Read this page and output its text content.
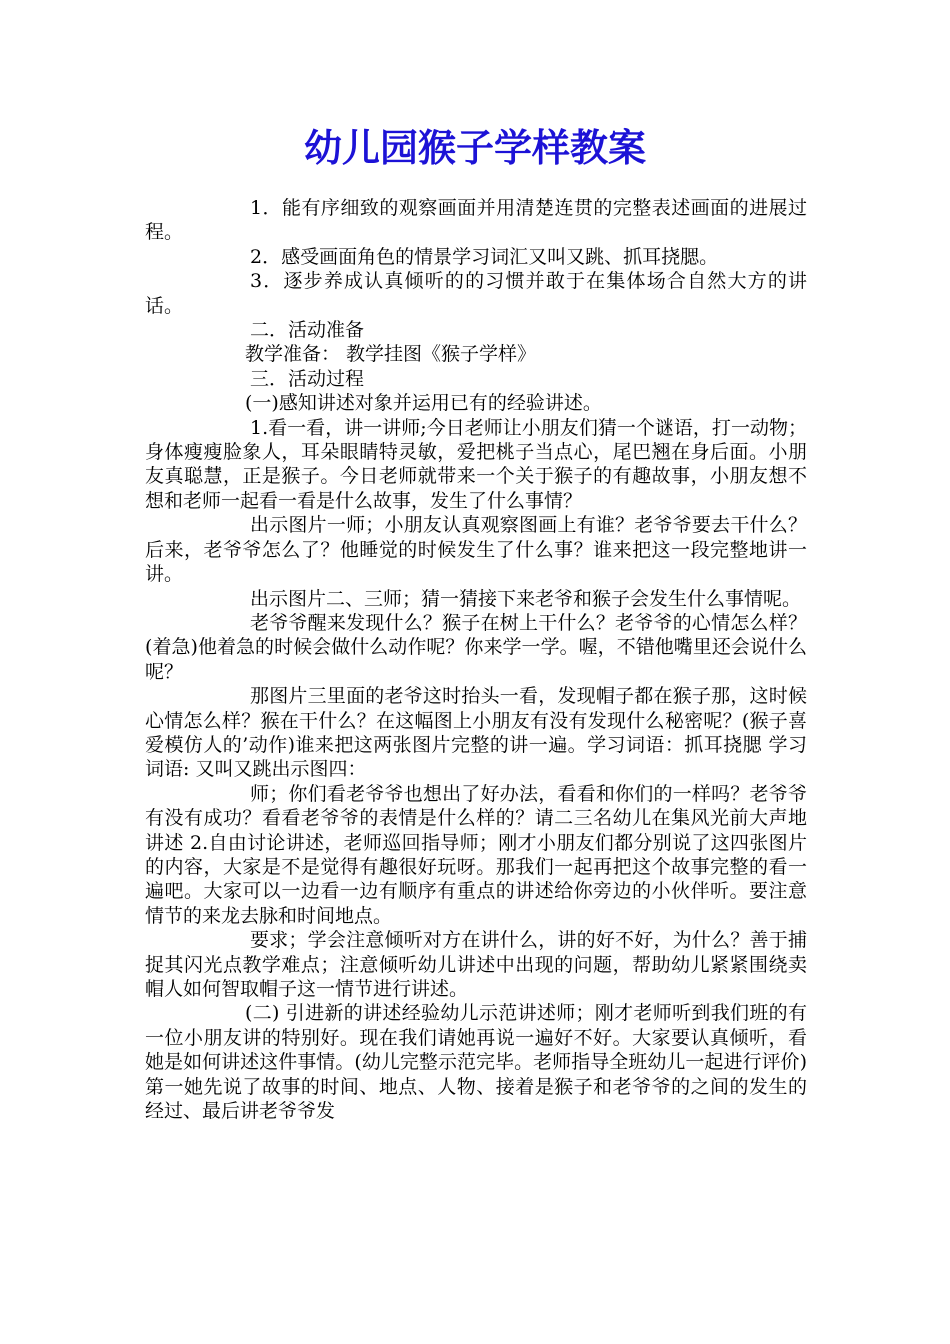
幼儿园猴子学样教案

1．能有序细致的观察画面并用清楚连贯的完整表述画面的进展过程。

2．感受画面角色的情景学习词汇又叫又跳、抓耳挠腮。

3．逐步养成认真倾听的的习惯并敢于在集体场合自然大方的讲话。

二．活动准备

教学准备： 教学挂图《猴子学样》

三．活动过程

(一)感知讲述对象并运用已有的经验讲述。

1.看一看，讲一讲师;今日老师让小朋友们猜一个谜语，打一动物；身体瘦瘦脸象人，耳朵眼睛特灵敏，爱把桃子当点心，尾巴翘在身后面。小朋友真聪慧，正是猴子。今日老师就带来一个关于猴子的有趣故事，小朋友想不想和老师一起看一看是什么故事，发生了什么事情？

出示图片一师；小朋友认真观察图画上有谁？老爷爷要去干什么？后来，老爷爷怎么了？他睡觉的时候发生了什么事？谁来把这一段完整地讲一讲。

出示图片二、三师；猜一猜接下来老爷和猴子会发生什么事情呢。

老爷爷醒来发现什么？猴子在树上干什么？老爷爷的心情怎么样？(着急)他着急的时候会做什么动作呢？你来学一学。喔，不错他嘴里还会说什么呢？

那图片三里面的老爷这时抬头一看，发现帽子都在猴子那，这时候心情怎么样？猴在干什么？在这幅图上小朋友有没有发现什么秘密呢？(猴子喜爱模仿人的’动作)谁来把这两张图片完整的讲一遍。学习词语：抓耳挠腮 学习词语: 又叫又跳出示图四：

师；你们看老爷爷也想出了好办法，看看和你们的一样吗？老爷爷有没有成功？看看老爷爷的表情是什么样的？请二三名幼儿在集风光前大声地讲述 2.自由讨论讲述，老师巡回指导师；刚才小朋友们都分别说了这四张图片的内容，大家是不是觉得有趣很好玩呀。那我们一起再把这个故事完整的看一遍吧。大家可以一边看一边有顺序有重点的讲述给你旁边的小伙伴听。要注意情节的来龙去脉和时间地点。

要求；学会注意倾听对方在讲什么，讲的好不好，为什么？善于捕捉其闪光点教学难点；注意倾听幼儿讲述中出现的问题，帮助幼儿紧紧围绕卖帽人如何智取帽子这一情节进行讲述。

(二) 引进新的讲述经验幼儿示范讲述师；刚才老师听到我们班的有一位小朋友讲的特别好。现在我们请她再说一遍好不好。大家要认真倾听，看她是如何讲述这件事情。(幼儿完整示范完毕。老师指导全班幼儿一起进行评价)第一她先说了故事的时间、地点、人物、接着是猴子和老爷爷的之间的发生的经过、最后讲老爷爷发
